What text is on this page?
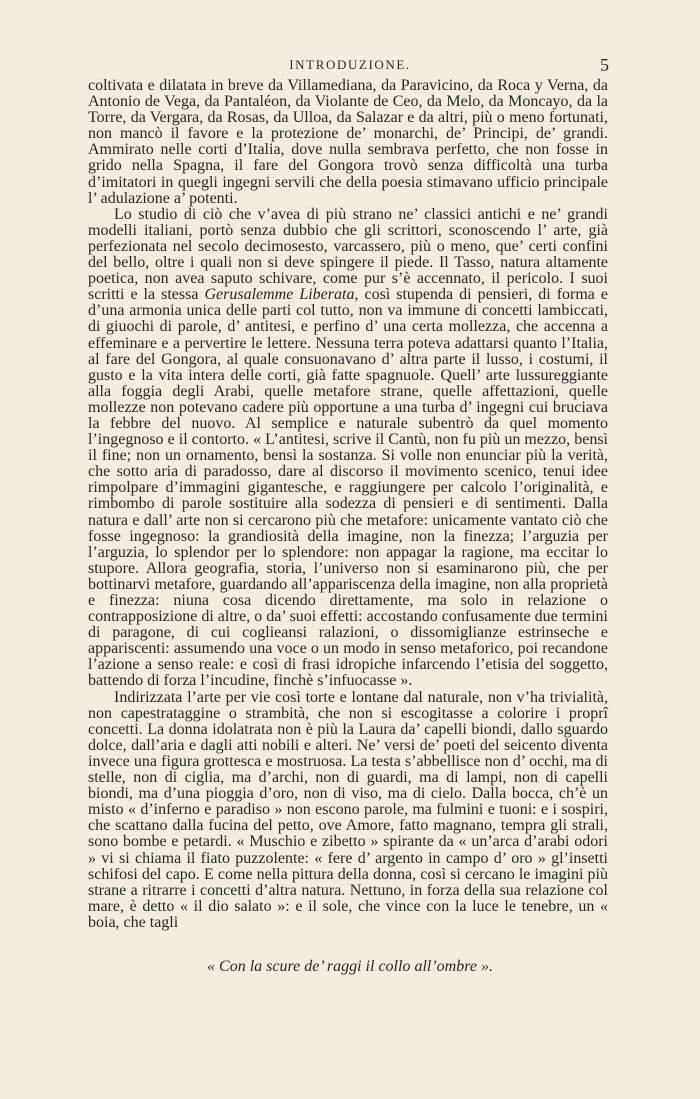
INTRODUZIONE.	5

coltivata e dilatata in breve da Villamediana, da Paravicino, da Roca y Verna, da Antonio de Vega, da Pantaléon, da Violante de Ceo, da Melo, da Moncayo, da la Torre, da Vergara, da Rosas, da Ulloa, da Salazar e da altri, più o meno fortunati, non mancò il favore e la protezione de’ monarchi, de’ Principi, de’ grandi. Ammirato nelle corti d’Italia, dove nulla sembrava perfetto, che non fosse in grido nella Spagna, il fare del Gongora trovò senza difficoltà una turba d’imitatori in quegli ingegni servili che della poesia stimavano ufficio principale l’ adulazione a’ potenti.

Lo studio di ciò che v’avea di più strano ne’ classici antichi e ne’ grandi modelli italiani, portò senza dubbio che gli scrittori, sconoscendo l’ arte, già perfezionata nel secolo decimosesto, varcassero, più o meno, que’ certi confini del bello, oltre i quali non si deve spingere il piede. Il Tasso, natura altamente poetica, non avea saputo schivare, come pur s’è accennato, il pericolo. I suoi scritti e la stessa Gerusalemme Liberata, così stupenda di pensieri, di forma e d’una armonia unica delle parti col tutto, non va immune di concetti lambiccati, di giuochi di parole, d’ antitesi, e perfino d’ una certa mollezza, che accenna a effeminare e a pervertire le lettere. Nessuna terra poteva adattarsi quanto l’Italia, al fare del Gongora, al quale consuonavano d’ altra parte il lusso, i costumi, il gusto e la vita intera delle corti, già fatte spagnuole. Quell’ arte lussureggiante alla foggia degli Arabi, quelle metafore strane, quelle affettazioni, quelle mollezze non potevano cadere più opportune a una turba d’ ingegni cui bruciava la febbre del nuovo. Al semplice e naturale subentrò da quel momento l’ingegnoso e il contorto. « L’antitesi, scrive il Cantù, non fu più un mezzo, bensì il fine; non un ornamento, bensì la sostanza. Si volle non enunciar più la verità, che sotto aria di paradosso, dare al discorso il movimento scenico, tenui idee rimpolpare d’immagini gigantesche, e raggiungere per calcolo l’originalità, e rimbombo di parole sostituire alla sodezza di pensieri e di sentimenti. Dalla natura e dall’ arte non si cercarono più che metafore: unicamente vantato ciò che fosse ingegnoso: la grandiosità della imagine, non la finezza; l’arguzia per l’arguzia, lo splendor per lo splendore: non appagar la ragione, ma eccitar lo stupore. Allora geografia, storia, l’universo non si esaminarono più, che per bottinarvi metafore, guardando all’appariscenza della imagine, non alla proprietà e finezza: niuna cosa dicendo direttamente, ma solo in relazione o contrapposizione di altre, o da’ suoi effetti: accostando confusamente due termini di paragone, di cui coglieansi ralazioni, o dissomiglianze estrinseche e appariscenti: assumendo una voce o un modo in senso metaforico, poi recandone l’azione a senso reale: e così di frasi idropiche infarcendo l’etisia del soggetto, battendo di forza l’incudine, finchè s’infuocasse ».

Indirizzata l’arte per vie così torte e lontane dal naturale, non v’ha trivialità, non capestrataggine o strambità, che non si escogitasse a colorire i proprî concetti. La donna idolatrata non è più la Laura da’ capelli biondi, dallo sguardo dolce, dall’aria e dagli atti nobili e alteri. Ne’ versi de’ poeti del seicento diventa invece una figura grottesca e mostruosa. La testa s’abbellisce non d’ occhi, ma di stelle, non di ciglia, ma d’archi, non di guardi, ma di lampi, non di capelli biondi, ma d’una pioggia d’oro, non di viso, ma di cielo. Dalla bocca, ch’è un misto « d’inferno e paradiso » non escono parole, ma fulmini e tuoni: e i sospiri, che scattano dalla fucina del petto, ove Amore, fatto magnano, tempra gli strali, sono bombe e petardi. « Muschio e zibetto » spirante da « un’arca d’arabi odori » vi si chiama il fiato puzzolente: « fere d’ argento in campo d’ oro » gl’insetti schifosi del capo. E come nella pittura della donna, così si cercano le imagini più strane a ritrarre i concetti d’altra natura. Nettuno, in forza della sua relazione col mare, è detto « il dio salato »: e il sole, che vince con la luce le tenebre, un « boia, che tagli

« Con la scure de’ raggi il collo all’ombre ».
